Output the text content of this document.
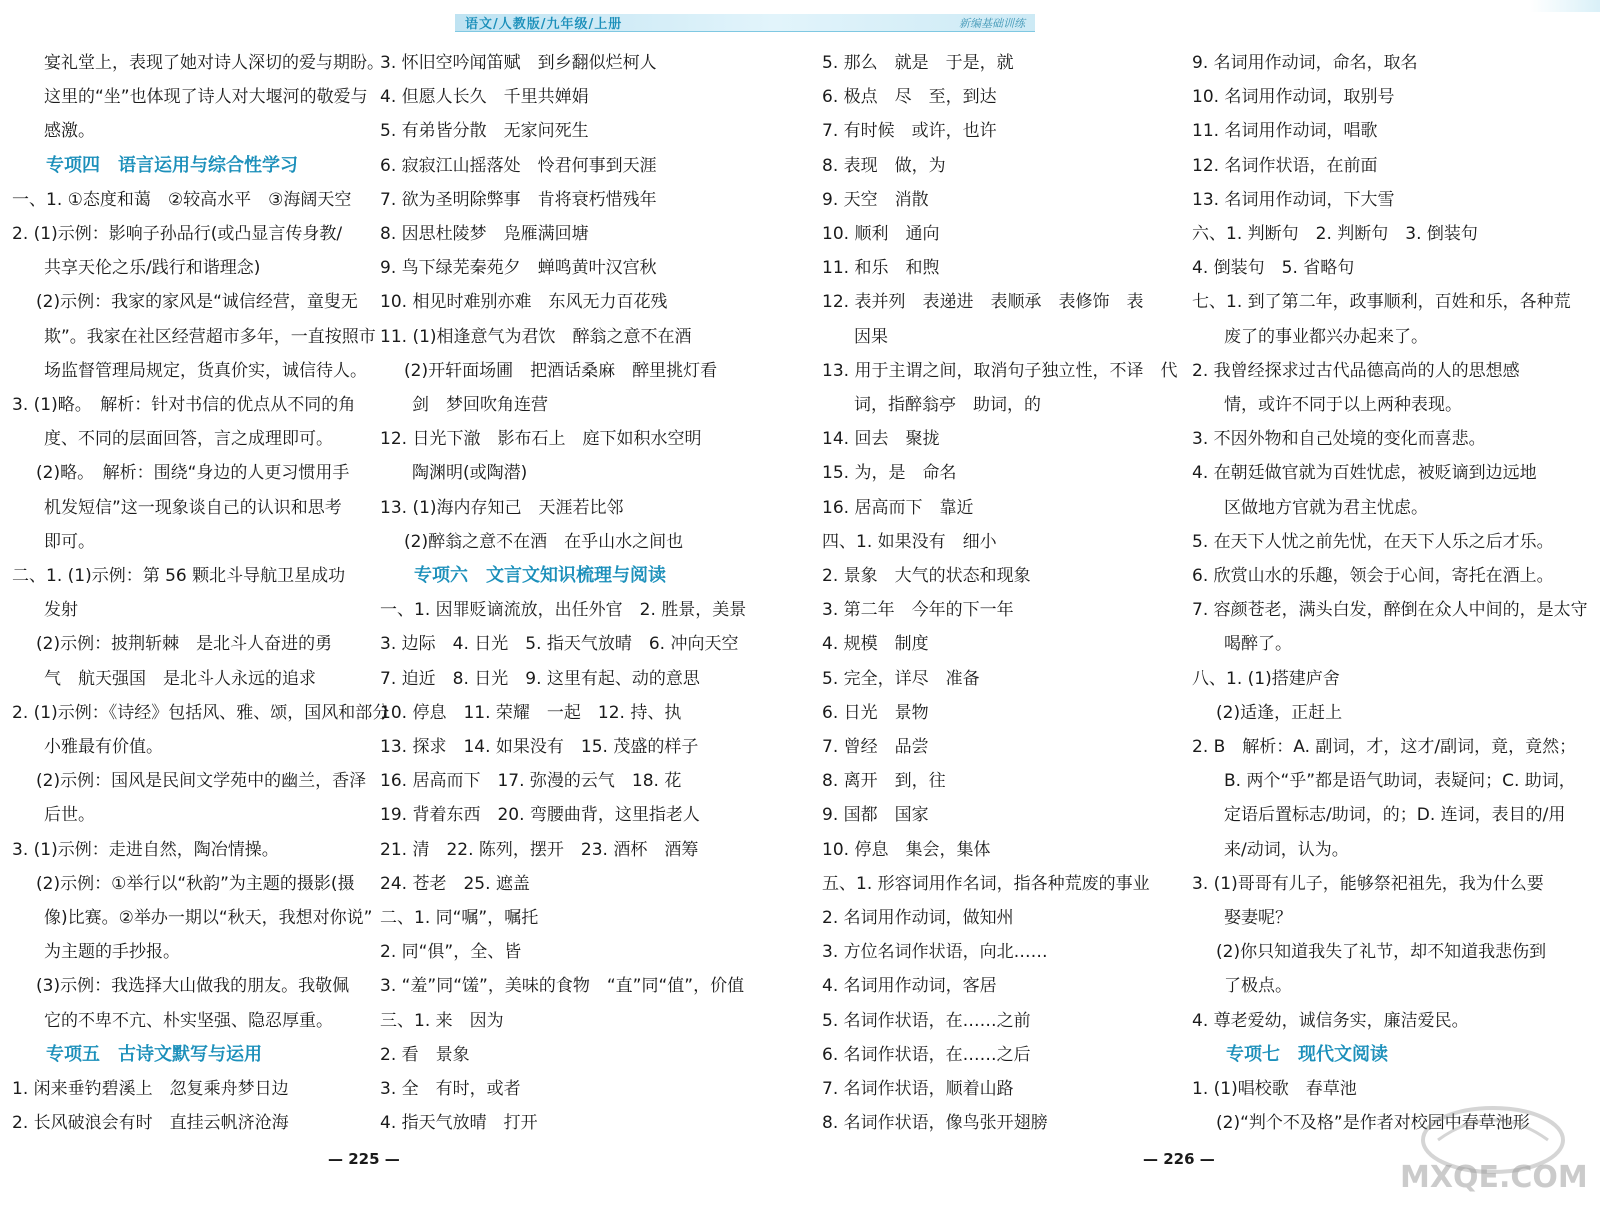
语文/人教版/九年级/上册	新编基础训练

宴礼堂上，表现了她对诗人深切的爱与期盼。

这里的“坐”也体现了诗人对大堰河的敬爱与

感激。

专项四　语言运用与综合性学习

一、1. ①态度和蔼　②较高水平　③海阔天空

2. (1)示例：影响子孙品行(或凸显言传身教/

共享天伦之乐/践行和谐理念)

(2)示例：我家的家风是“诚信经营，童叟无

欺”。我家在社区经营超市多年，一直按照市

场监督管理局规定，货真价实，诚信待人。

3. (1)略。　解析：针对书信的优点从不同的角

度、不同的层面回答，言之成理即可。

(2)略。　解析：围绕“身边的人更习惯用手

机发短信”这一现象谈自己的认识和思考

即可。

二、1. (1)示例：第 56 颗北斗导航卫星成功

发射

(2)示例：披荆斩棘　是北斗人奋进的勇

气　航天强国　是北斗人永远的追求

2. (1)示例：《诗经》包括风、雅、颂，国风和部分

小雅最有价值。

(2)示例：国风是民间文学苑中的幽兰，香泽

后世。

3. (1)示例：走进自然，陶冶情操。

(2)示例：①举行以“秋韵”为主题的摄影(摄

像)比赛。②举办一期以“秋天，我想对你说”

为主题的手抄报。

(3)示例：我选择大山做我的朋友。我敬佩

它的不卑不亢、朴实坚强、隐忍厚重。

专项五　古诗文默写与运用

1. 闲来垂钓碧溪上　忽复乘舟梦日边

2. 长风破浪会有时　直挂云帆济沧海

3. 怀旧空吟闻笛赋　到乡翻似烂柯人

4. 但愿人长久　千里共婵娟

5. 有弟皆分散　无家问死生

6. 寂寂江山摇落处　怜君何事到天涯

7. 欲为圣明除弊事　肯将衰朽惜残年

8. 因思杜陵梦　凫雁满回塘

9. 鸟下绿芜秦苑夕　蝉鸣黄叶汉宫秋

10. 相见时难别亦难　东风无力百花残

11. (1)相逢意气为君饮　醉翁之意不在酒

(2)开轩面场圃　把酒话桑麻　醉里挑灯看

剑　梦回吹角连营

12. 日光下澈　影布石上　庭下如积水空明

陶渊明(或陶潜)

13. (1)海内存知己　天涯若比邻

(2)醉翁之意不在酒　在乎山水之间也

专项六　文言文知识梳理与阅读

一、1. 因罪贬谪流放，出任外官　2. 胜景，美景

3. 边际　4. 日光　5. 指天气放晴　6. 冲向天空

7. 迫近　8. 日光　9. 这里有起、动的意思

10. 停息　11. 荣耀　一起　12. 持、执

13. 探求　14. 如果没有　15. 茂盛的样子

16. 居高而下　17. 弥漫的云气　18. 花

19. 背着东西　20. 弯腰曲背，这里指老人

21. 清　22. 陈列，摆开　23. 酒杯　酒筹

24. 苍老　25. 遮盖

二、1. 同“嘱”，嘱托

2. 同“俱”，全、皆

3. “羞”同“馐”，美味的食物　“直”同“值”，价值

三、1. 来　因为

2. 看　景象

3. 全　有时，或者

4. 指天气放晴　打开

5. 那么　就是　于是，就

6. 极点　尽　至，到达

7. 有时候　或许，也许

8. 表现　做，为

9. 天空　消散

10. 顺利　通向

11. 和乐　和煦

12. 表并列　表递进　表顺承　表修饰　表

因果

13. 用于主谓之间，取消句子独立性，不译　代

词，指醉翁亭　助词，的

14. 回去　聚拢

15. 为，是　命名

16. 居高而下　靠近

四、1. 如果没有　细小

2. 景象　大气的状态和现象

3. 第二年　今年的下一年

4. 规模　制度

5. 完全，详尽　准备

6. 日光　景物

7. 曾经　品尝

8. 离开　到，往

9. 国都　国家

10. 停息　集会，集体

五、1. 形容词用作名词，指各种荒废的事业

2. 名词用作动词，做知州

3. 方位名词作状语，向北……

4. 名词用作动词，客居

5. 名词作状语，在……之前

6. 名词作状语，在……之后

7. 名词作状语，顺着山路

8. 名词作状语，像鸟张开翅膀

9. 名词用作动词，命名，取名

10. 名词用作动词，取别号

11. 名词用作动词，唱歌

12. 名词作状语，在前面

13. 名词用作动词，下大雪

六、1. 判断句　2. 判断句　3. 倒装句

4. 倒装句　5. 省略句

七、1. 到了第二年，政事顺利，百姓和乐，各种荒

废了的事业都兴办起来了。

2. 我曾经探求过古代品德高尚的人的思想感

情，或许不同于以上两种表现。

3. 不因外物和自己处境的变化而喜悲。

4. 在朝廷做官就为百姓忧虑，被贬谪到边远地

区做地方官就为君主忧虑。

5. 在天下人忧之前先忧，在天下人乐之后才乐。

6. 欣赏山水的乐趣，领会于心间，寄托在酒上。

7. 容颜苍老，满头白发，醉倒在众人中间的，是太守

喝醉了。

八、1. (1)搭建庐舍

(2)适逢，正赶上

2. B　解析：A. 副词，才，这才/副词，竟，竟然；

B. 两个“乎”都是语气助词，表疑问；C. 助词，

定语后置标志/助词，的；D. 连词，表目的/用

来/动词，认为。

3. (1)哥哥有儿子，能够祭祀祖先，我为什么要

娶妻呢？

(2)你只知道我失了礼节，却不知道我悲伤到

了极点。

4. 尊老爱幼，诚信务实，廉洁爱民。

专项七　现代文阅读

1. (1)唱校歌　春草池

(2)“判个不及格”是作者对校园中春草池形

— 225 —	— 226 —
MXQE.COM
